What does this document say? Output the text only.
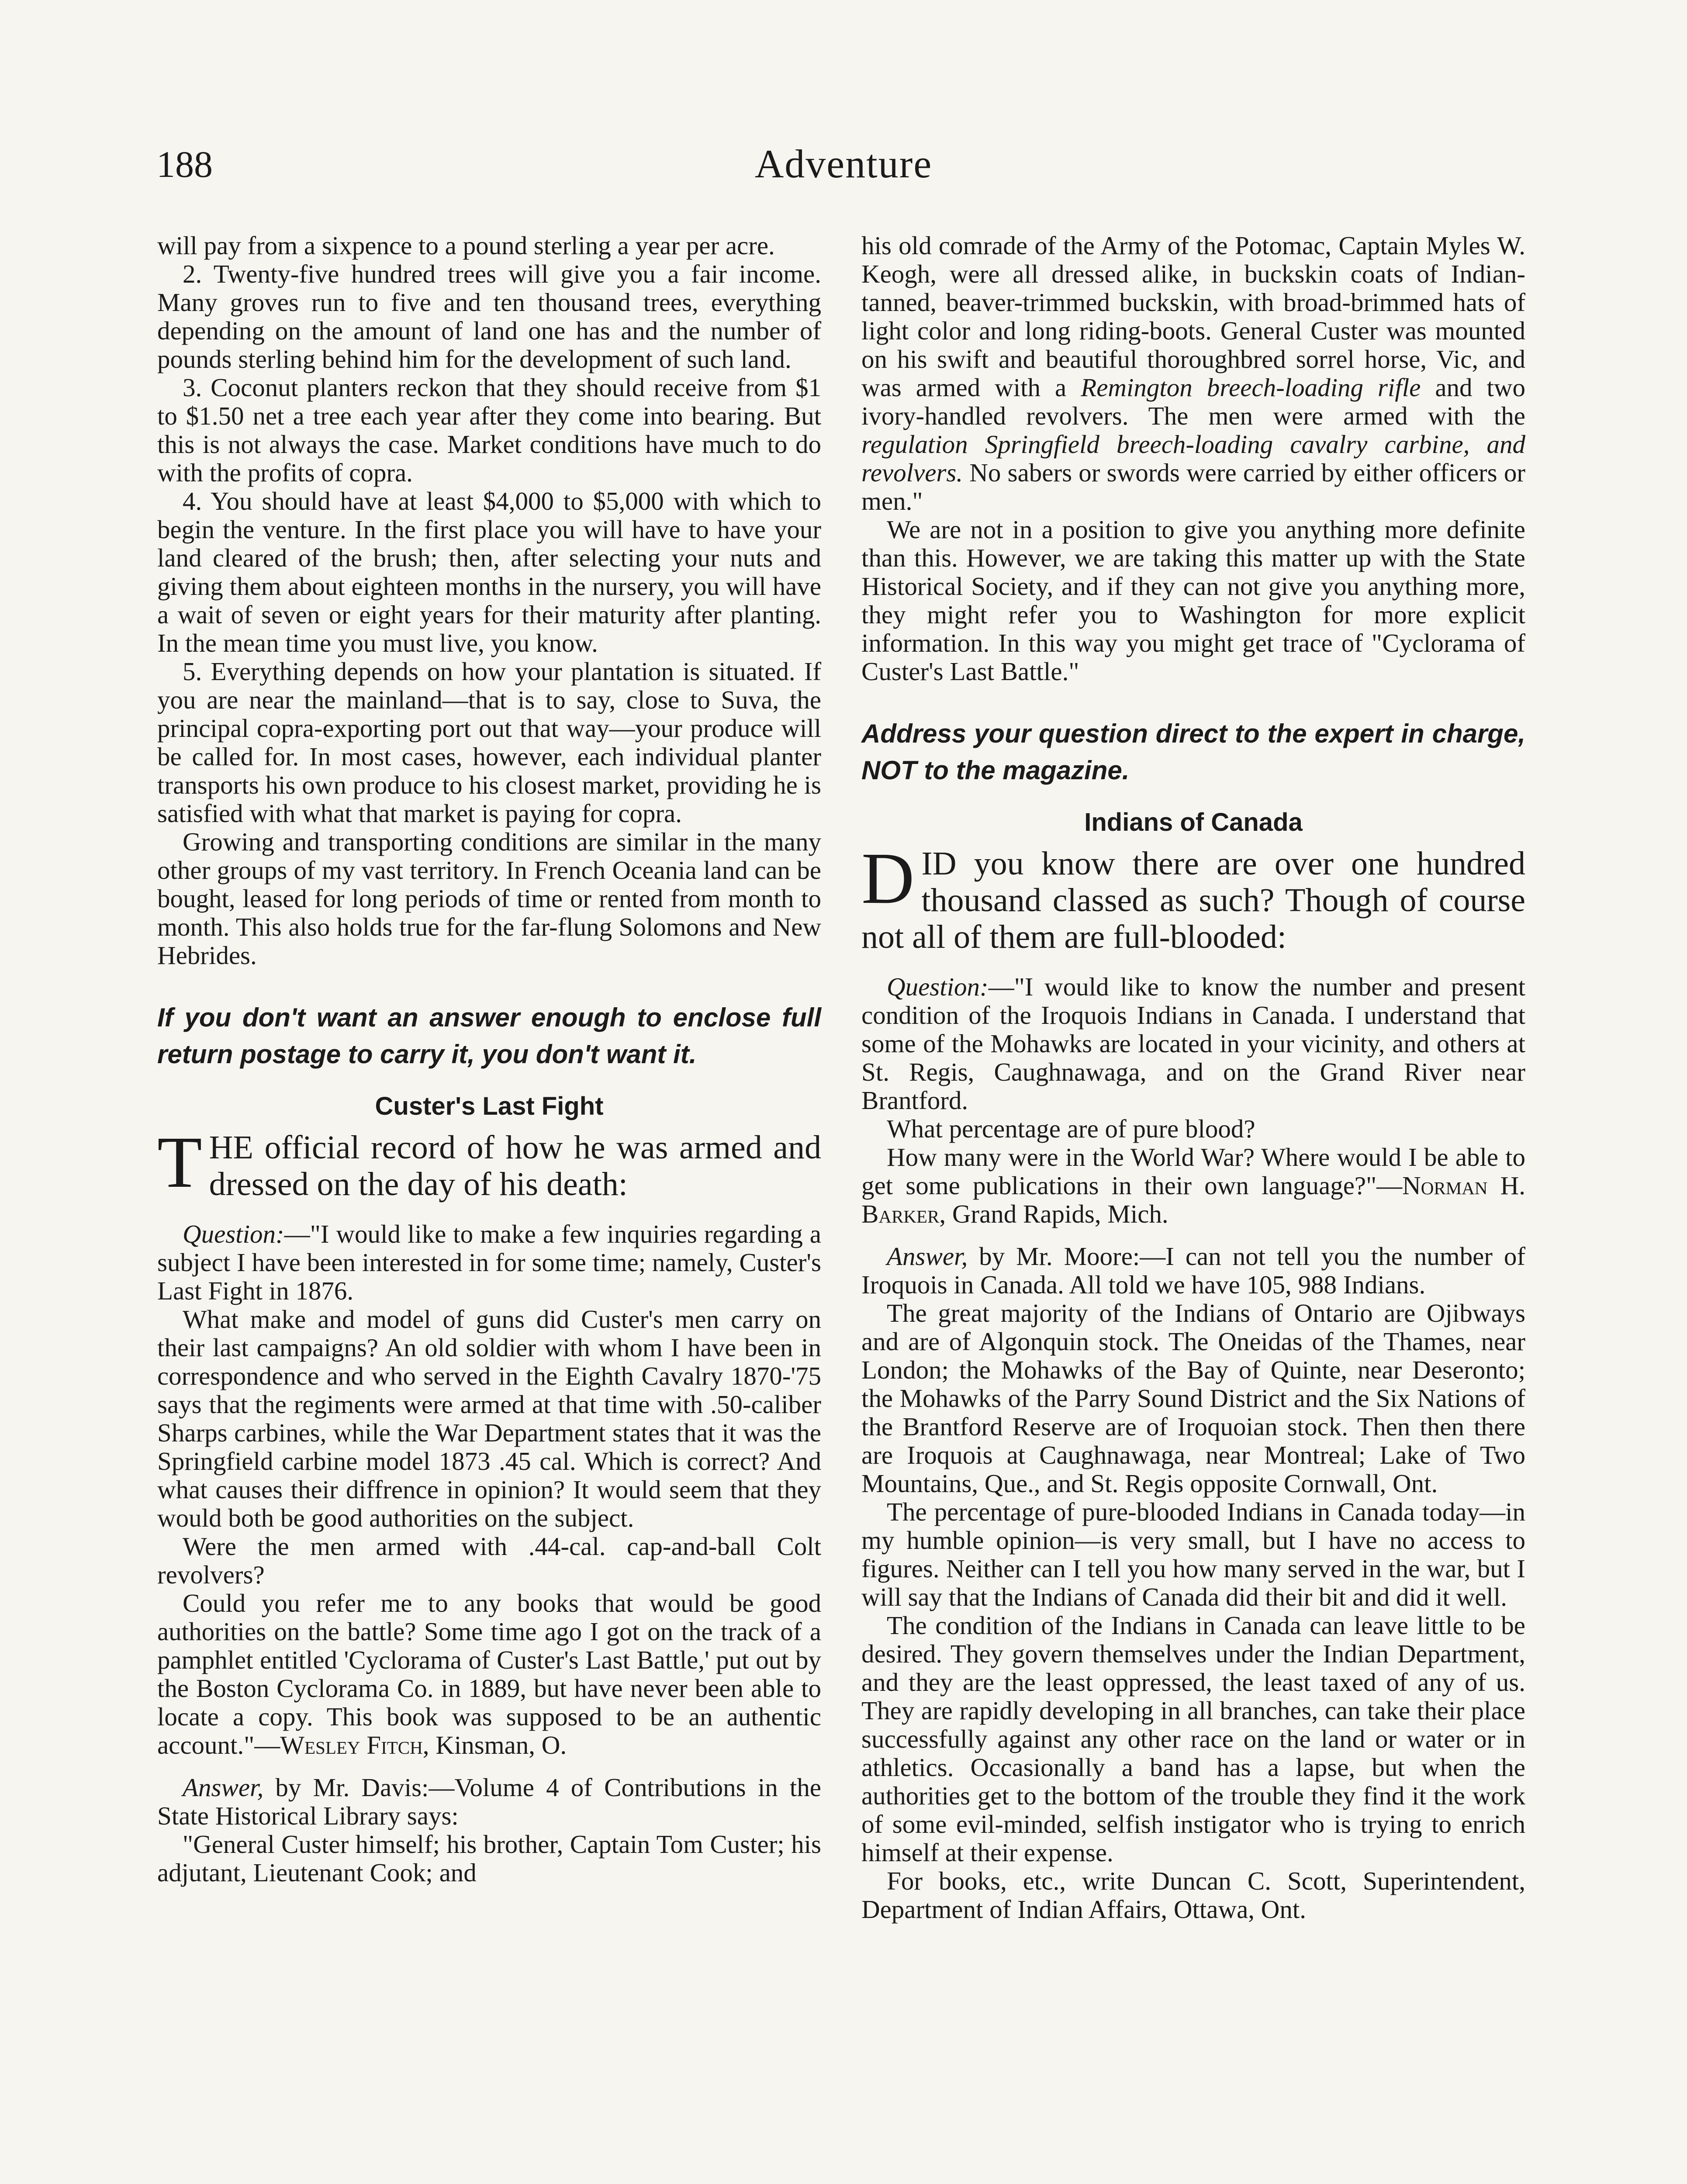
188	Adventure

will pay from a sixpence to a pound sterling a year per acre.

2. Twenty-five hundred trees will give you a fair income. Many groves run to five and ten thousand trees, everything depending on the amount of land one has and the number of pounds sterling behind him for the development of such land.

3. Coconut planters reckon that they should receive from $1 to $1.50 net a tree each year after they come into bearing. But this is not always the case. Market conditions have much to do with the profits of copra.

4. You should have at least $4,000 to $5,000 with which to begin the venture. In the first place you will have to have your land cleared of the brush; then, after selecting your nuts and giving them about eighteen months in the nursery, you will have a wait of seven or eight years for their maturity after planting. In the mean time you must live, you know.

5. Everything depends on how your plantation is situated. If you are near the mainland—that is to say, close to Suva, the principal copra-exporting port out that way—your produce will be called for. In most cases, however, each individual planter transports his own produce to his closest market, providing he is satisfied with what that market is paying for copra.

Growing and transporting conditions are similar in the many other groups of my vast territory. In French Oceania land can be bought, leased for long periods of time or rented from month to month. This also holds true for the far-flung Solomons and New Hebrides.

If you don't want an answer enough to enclose full return postage to carry it, you don't want it.
Custer's Last Fight
THE official record of how he was armed and dressed on the day of his death:

Question:—"I would like to make a few inquiries regarding a subject I have been interested in for some time; namely, Custer's Last Fight in 1876.

What make and model of guns did Custer's men carry on their last campaigns? An old soldier with whom I have been in correspondence and who served in the Eighth Cavalry 1870-'75 says that the regiments were armed at that time with .50-caliber Sharps carbines, while the War Department states that it was the Springfield carbine model 1873 .45 cal. Which is correct? And what causes their diffrence in opinion? It would seem that they would both be good authorities on the subject.

Were the men armed with .44-cal. cap-and-ball Colt revolvers?

Could you refer me to any books that would be good authorities on the battle? Some time ago I got on the track of a pamphlet entitled 'Cyclorama of Custer's Last Battle,' put out by the Boston Cyclorama Co. in 1889, but have never been able to locate a copy. This book was supposed to be an authentic account."—Wesley Fitch, Kinsman, O.

Answer, by Mr. Davis:—Volume 4 of Contributions in the State Historical Library says:

"General Custer himself; his brother, Captain Tom Custer; his adjutant, Lieutenant Cook; and

his old comrade of the Army of the Potomac, Captain Myles W. Keogh, were all dressed alike, in buckskin coats of Indian-tanned, beaver-trimmed buckskin, with broad-brimmed hats of light color and long riding-boots. General Custer was mounted on his swift and beautiful thoroughbred sorrel horse, Vic, and was armed with a Remington breech-loading rifle and two ivory-handled revolvers. The men were armed with the regulation Springfield breech-loading cavalry carbine, and revolvers. No sabers or swords were carried by either officers or men."

We are not in a position to give you anything more definite than this. However, we are taking this matter up with the State Historical Society, and if they can not give you anything more, they might refer you to Washington for more explicit information. In this way you might get trace of "Cyclorama of Custer's Last Battle."

Address your question direct to the expert in charge, NOT to the magazine.
Indians of Canada
DID you know there are over one hundred thousand classed as such? Though of course not all of them are full-blooded:

Question:—"I would like to know the number and present condition of the Iroquois Indians in Canada. I understand that some of the Mohawks are located in your vicinity, and others at St. Regis, Caughnawaga, and on the Grand River near Brantford.

What percentage are of pure blood?

How many were in the World War? Where would I be able to get some publications in their own language?"—Norman H. Barker, Grand Rapids, Mich.

Answer, by Mr. Moore:—I can not tell you the number of Iroquois in Canada. All told we have 105, 988 Indians.

The great majority of the Indians of Ontario are Ojibways and are of Algonquin stock. The Oneidas of the Thames, near London; the Mohawks of the Bay of Quinte, near Deseronto; the Mohawks of the Parry Sound District and the Six Nations of the Brantford Reserve are of Iroquoian stock. Then then there are Iroquois at Caughnawaga, near Montreal; Lake of Two Mountains, Que., and St. Regis opposite Cornwall, Ont.

The percentage of pure-blooded Indians in Canada today—in my humble opinion—is very small, but I have no access to figures. Neither can I tell you how many served in the war, but I will say that the Indians of Canada did their bit and did it well.

The condition of the Indians in Canada can leave little to be desired. They govern themselves under the Indian Department, and they are the least oppressed, the least taxed of any of us. They are rapidly developing in all branches, can take their place successfully against any other race on the land or water or in athletics. Occasionally a band has a lapse, but when the authorities get to the bottom of the trouble they find it the work of some evil-minded, selfish instigator who is trying to enrich himself at their expense.

For books, etc., write Duncan C. Scott, Superintendent, Department of Indian Affairs, Ottawa, Ont.
